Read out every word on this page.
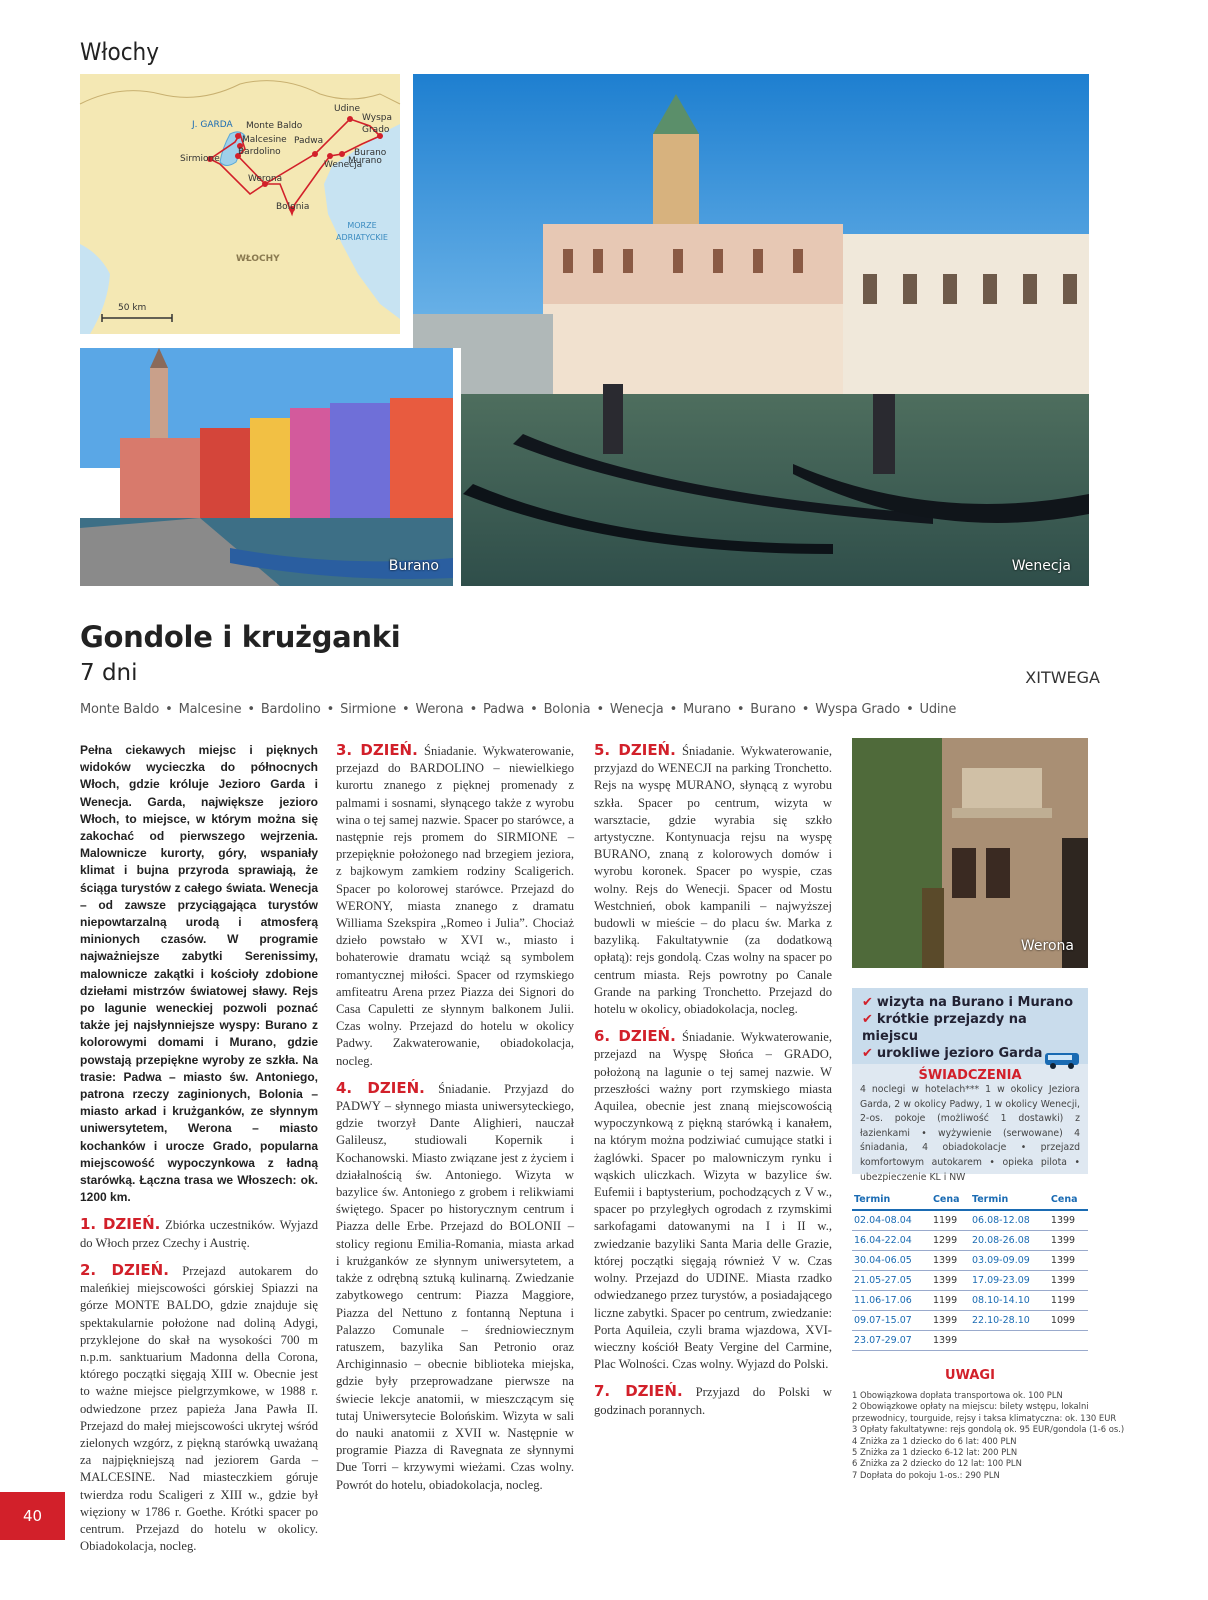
Włochy
J. GARDA Monte Baldo
Malcesine
Bardolino
Sirmione
Werona
Padwa
Bolonia
Wenecja
Udine
Wyspa Grado
Burano
Murano
MORZE ADRIATYCKIE
WŁOCHY
50 km
Wenecja
Burano
Gondole i krużganki
7 dni	XITWEGA
Monte Baldo • Malcesine • Bardolino • Sirmione • Werona • Padwa • Bolonia • Wenecja • Murano • Burano • Wyspa Grado • Udine
Pełna ciekawych miejsc i pięknych widoków wycieczka do północnych Włoch, gdzie króluje Jezioro Garda i Wenecja. Garda, największe jezioro Włoch, to miejsce, w którym można się zakochać od pierwszego wejrzenia. Malownicze kurorty, góry, wspaniały klimat i bujna przyroda sprawiają, że ściąga turystów z całego świata. Wenecja – od zawsze przyciągająca turystów niepowtarzalną urodą i atmosferą minionych czasów. W programie najważniejsze zabytki Serenissimy, malownicze zakątki i kościoły zdobione dziełami mistrzów światowej sławy. Rejs po lagunie weneckiej pozwoli poznać także jej najsłynniejsze wyspy: Burano z kolorowymi domami i Murano, gdzie powstają przepiękne wyroby ze szkła. Na trasie: Padwa – miasto św. Antoniego, patrona rzeczy zaginionych, Bolonia – miasto arkad i krużganków, ze słynnym uniwersytetem, Werona – miasto kochanków i urocze Grado, popularna miejscowość wypoczynkowa z ładną starówką. Łączna trasa we Włoszech: ok. 1200 km.
1. DZIEŃ. Zbiórka uczestników. Wyjazd do Włoch przez Czechy i Austrię.
2. DZIEŃ. Przejazd autokarem do maleńkiej miejscowości górskiej Spiazzi na górze MONTE BALDO, gdzie znajduje się spektakularnie położone nad doliną Adygi, przyklejone do skał na wysokości 700 m n.p.m. sanktuarium Madonna della Corona, którego początki sięgają XIII w. Obecnie jest to ważne miejsce pielgrzymkowe, w 1988 r. odwiedzone przez papieża Jana Pawła II. Przejazd do małej miejscowości ukrytej wśród zielonych wzgórz, z piękną starówką uważaną za najpiękniejszą nad jeziorem Garda – MALCESINE. Nad miasteczkiem góruje twierdza rodu Scaligeri z XIII w., gdzie był więziony w 1786 r. Goethe. Krótki spacer po centrum. Przejazd do hotelu w okolicy. Obiadokolacja, nocleg.
3. DZIEŃ. Śniadanie. Wykwaterowanie, przejazd do BARDOLINO – niewielkiego kurortu znanego z pięknej promenady z palmami i sosnami, słynącego także z wyrobu wina o tej samej nazwie. Spacer po starówce, a następnie rejs promem do SIRMIONE – przepięknie położonego nad brzegiem jeziora, z bajkowym zamkiem rodziny Scaligerich. Spacer po kolorowej starówce. Przejazd do WERONY, miasta znanego z dramatu Williama Szekspira „Romeo i Julia”. Chociaż dzieło powstało w XVI w., miasto i bohaterowie dramatu wciąż są symbolem romantycznej miłości. Spacer od rzymskiego amfiteatru Arena przez Piazza dei Signori do Casa Capuletti ze słynnym balkonem Julii. Czas wolny. Przejazd do hotelu w okolicy Padwy. Zakwaterowanie, obiadokolacja, nocleg.
4. DZIEŃ. Śniadanie. Przyjazd do PADWY – słynnego miasta uniwersyteckiego, gdzie tworzył Dante Alighieri, nauczał Galileusz, studiowali Kopernik i Kochanowski. Miasto związane jest z życiem i działalnością św. Antoniego. Wizyta w bazylice św. Antoniego z grobem i relikwiami świętego. Spacer po historycznym centrum i Piazza delle Erbe. Przejazd do BOLONII – stolicy regionu Emilia-Romania, miasta arkad i krużganków ze słynnym uniwersytetem, a także z odrębną sztuką kulinarną. Zwiedzanie zabytkowego centrum: Piazza Maggiore, Piazza del Nettuno z fontanną Neptuna i Palazzo Comunale – średniowiecznym ratuszem, bazylika San Petronio oraz Archiginnasio – obecnie biblioteka miejska, gdzie były przeprowadzane pierwsze na świecie lekcje anatomii, w mieszczącym się tutaj Uniwersytecie Bolońskim. Wizyta w sali do nauki anatomii z XVII w. Następnie w programie Piazza di Ravegnata ze słynnymi Due Torri – krzywymi wieżami. Czas wolny. Powrót do hotelu, obiadokolacja, nocleg.
5. DZIEŃ. Śniadanie. Wykwaterowanie, przyjazd do WENECJI na parking Tronchetto. Rejs na wyspę MURANO, słynącą z wyrobu szkła. Spacer po centrum, wizyta w warsztacie, gdzie wyrabia się szkło artystyczne. Kontynuacja rejsu na wyspę BURANO, znaną z kolorowych domów i wyrobu koronek. Spacer po wyspie, czas wolny. Rejs do Wenecji. Spacer od Mostu Westchnień, obok kampanili – najwyższej budowli w mieście – do placu św. Marka z bazyliką. Fakultatywnie (za dodatkową opłatą): rejs gondolą. Czas wolny na spacer po centrum miasta. Rejs powrotny po Canale Grande na parking Tronchetto. Przejazd do hotelu w okolicy, obiadokolacja, nocleg.
6. DZIEŃ. Śniadanie. Wykwaterowanie, przejazd na Wyspę Słońca – GRADO, położoną na lagunie o tej samej nazwie. W przeszłości ważny port rzymskiego miasta Aquilea, obecnie jest znaną miejscowością wypoczynkową z piękną starówką i kanałem, na którym można podziwiać cumujące statki i żaglówki. Spacer po malowniczym rynku i wąskich uliczkach. Wizyta w bazylice św. Eufemii i baptysterium, pochodzących z V w., spacer po przyległych ogrodach z rzymskimi sarkofagami datowanymi na I i II w., zwiedzanie bazyliki Santa Maria delle Grazie, której początki sięgają również V w. Czas wolny. Przejazd do UDINE. Miasta rzadko odwiedzanego przez turystów, a posiadającego liczne zabytki. Spacer po centrum, zwiedzanie: Porta Aquileia, czyli brama wjazdowa, XVI-wieczny kościół Beaty Vergine del Carmine, Plac Wolności. Czas wolny. Wyjazd do Polski.
7. DZIEŃ. Przyjazd do Polski w godzinach porannych.
Werona
✔ wizyta na Burano i Murano
✔ krótkie przejazdy na miejscu
✔ urokliwe jezioro Garda
ŚWIADCZENIA
4 noclegi w hotelach*** 1 w okolicy Jeziora Garda, 2 w okolicy Padwy, 1 w okolicy Wenecji, 2-os. pokoje (możliwość 1 dostawki) z łazienkami • wyżywienie (serwowane) 4 śniadania, 4 obiadokolacje • przejazd komfortowym autokarem • opieka pilota • ubezpieczenie KL i NW
Termin	Cena	Termin	Cena
02.04-08.04	1199	06.08-12.08	1399
16.04-22.04	1299	20.08-26.08	1399
30.04-06.05	1399	03.09-09.09	1399
21.05-27.05	1399	17.09-23.09	1399
11.06-17.06	1199	08.10-14.10	1199
09.07-15.07	1399	22.10-28.10	1099
23.07-29.07	1399		
UWAGI
1 Obowiązkowa dopłata transportowa ok. 100 PLN
2 Obowiązkowe opłaty na miejscu: bilety wstępu, lokalni
przewodnicy, tourguide, rejsy i taksa klimatyczna: ok. 130 EUR
3 Opłaty fakultatywne: rejs gondolą ok. 95 EUR/gondola (1-6 os.)
4 Zniżka za 1 dziecko do 6 lat: 400 PLN
5 Zniżka za 1 dziecko 6-12 lat: 200 PLN
6 Zniżka za 2 dziecko do 12 lat: 100 PLN
7 Dopłata do pokoju 1-os.: 290 PLN
40
